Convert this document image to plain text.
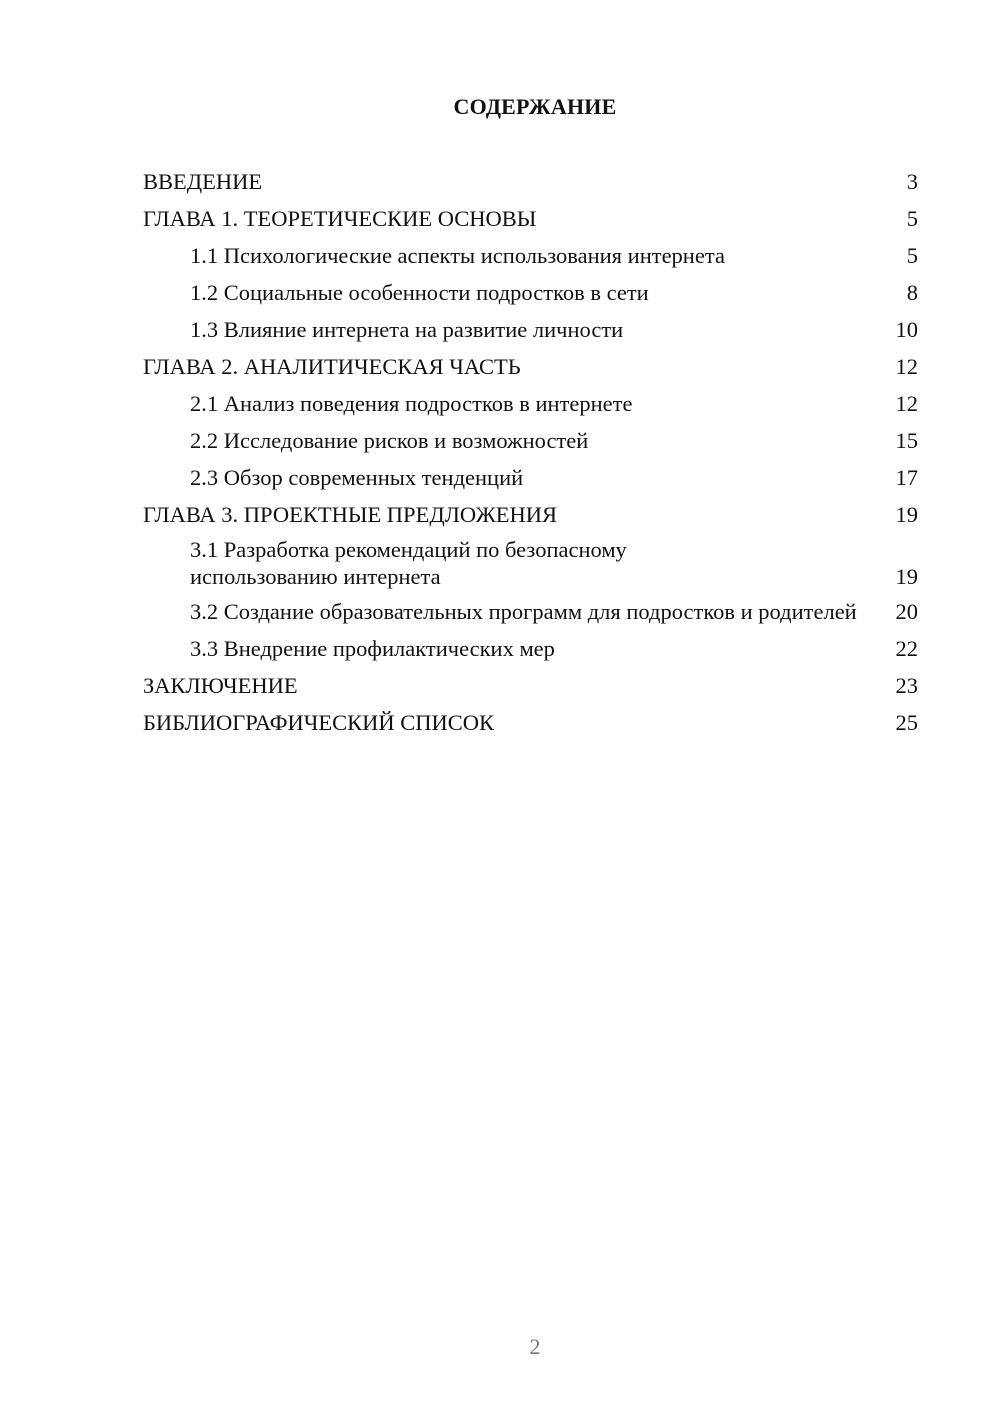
СОДЕРЖАНИЕ
ВВЕДЕНИЕ	3
ГЛАВА 1. ТЕОРЕТИЧЕСКИЕ ОСНОВЫ	5
1.1 Психологические аспекты использования интернета	5
1.2 Социальные особенности подростков в сети	8
1.3 Влияние интернета на развитие личности	10
ГЛАВА 2. АНАЛИТИЧЕСКАЯ ЧАСТЬ	12
2.1 Анализ поведения подростков в интернете	12
2.2 Исследование рисков и возможностей	15
2.3 Обзор современных тенденций	17
ГЛАВА 3. ПРОЕКТНЫЕ ПРЕДЛОЖЕНИЯ	19
3.1 Разработка рекомендаций по безопасному использованию интернета	19
3.2 Создание образовательных программ для подростков и родителей	20
3.3 Внедрение профилактических мер	22
ЗАКЛЮЧЕНИЕ	23
БИБЛИОГРАФИЧЕСКИЙ СПИСОК	25
2
